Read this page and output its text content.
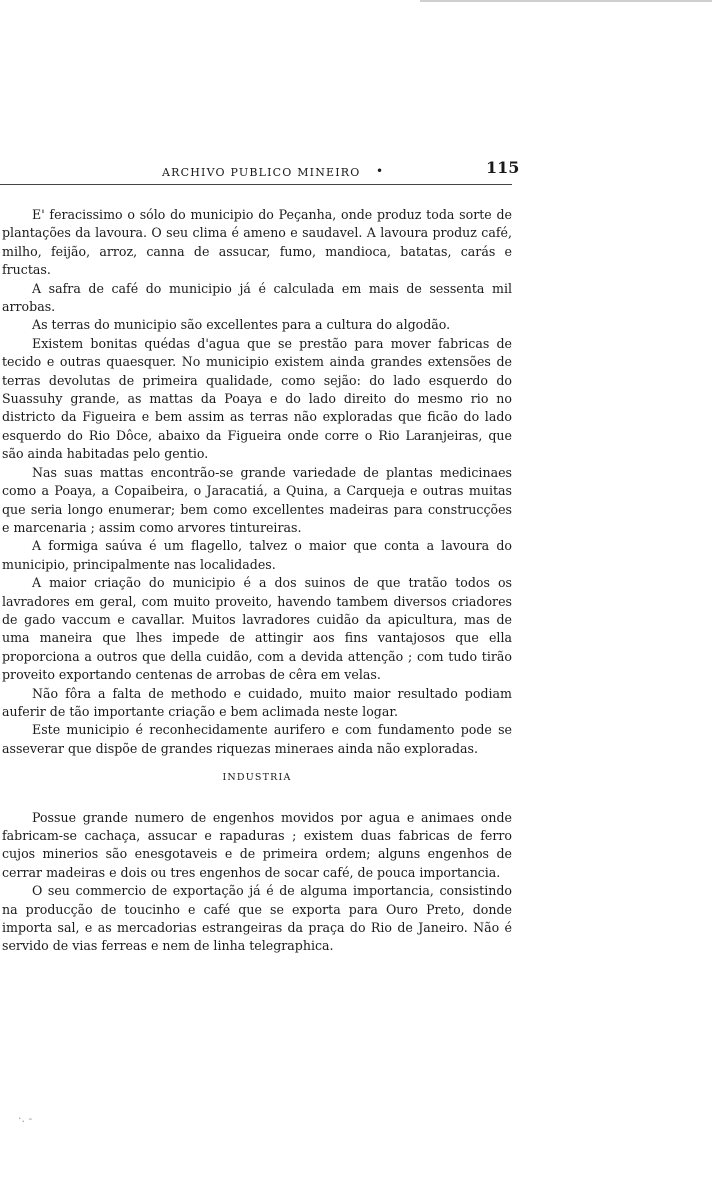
ARCHIVO PUBLICO MINEIRO •	115

E' feracissimo o sólo do municipio do Peçanha, onde produz toda sorte de plantações da lavoura. O seu clima é ameno e saudavel. A lavoura produz café, milho, feijão, arroz, canna de assucar, fumo, mandioca, batatas, carás e fructas.

A safra de café do municipio já é calculada em mais de sessenta mil arrobas.

As terras do municipio são excellentes para a cultura do algodão.

Existem bonitas quédas d'agua que se prestão para mover fabricas de tecido e outras quaesquer. No municipio existem ainda grandes extensões de terras devolutas de primeira qualidade, como sejão: do lado esquerdo do Suassuhy grande, as mattas da Poaya e do lado direito do mesmo rio no districto da Figueira e bem assim as terras não exploradas que ficão do lado esquerdo do Rio Dôce, abaixo da Figueira onde corre o Rio Laranjeiras, que são ainda habitadas pelo gentio.

Nas suas mattas encontrão-se grande variedade de plantas medicinaes como a Poaya, a Copaibeira, o Jaracatiá, a Quina, a Carqueja e outras muitas que seria longo enumerar; bem como excellentes madeiras para construcções e marcenaria ; assim como arvores tintureiras.

A formiga saúva é um flagello, talvez o maior que conta a lavoura do municipio, principalmente nas localidades.

A maior criação do municipio é a dos suinos de que tratão todos os lavradores em geral, com muito proveito, havendo tambem diversos criadores de gado vaccum e cavallar. Muitos lavradores cuidão da apicultura, mas de uma maneira que lhes impede de attingir aos fins vantajosos que ella proporciona a outros que della cuidão, com a devida attenção ; com tudo tirão proveito exportando centenas de arrobas de cêra em velas.

Não fôra a falta de methodo e cuidado, muito maior resultado podiam auferir de tão importante criação e bem aclimada neste logar.

Este municipio é reconhecidamente aurifero e com fundamento pode se asseverar que dispõe de grandes riquezas mineraes ainda não exploradas.

INDUSTRIA

Possue grande numero de engenhos movidos por agua e animaes onde fabricam-se cachaça, assucar e rapaduras ; existem duas fabricas de ferro cujos minerios são enesgotaveis e de primeira ordem; alguns engenhos de cerrar madeiras e dois ou tres engenhos de socar café, de pouca importancia.

O seu commercio de exportação já é de alguma importancia, consistindo na producção de toucinho e café que se exporta para Ouro Preto, donde importa sal, e as mercadorias estrangeiras da praça do Rio de Janeiro. Não é servido de vias ferreas e nem de linha telegraphica.

·. -
